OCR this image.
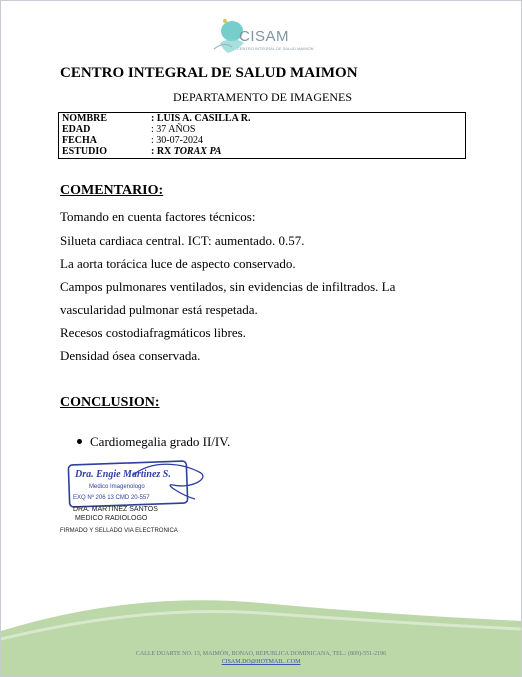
CISAM
CENTRO INTEGRAL DE SALUD MAIMON
CENTRO INTEGRAL DE SALUD MAIMON
DEPARTAMENTO DE IMAGENES
NOMBRE	: LUIS A. CASILLA R.
EDAD	: 37 AÑOS
FECHA	: 30-07-2024
ESTUDIO	: RX TORAX PA
COMENTARIO:
Tomando en cuenta factores técnicos:
Silueta cardiaca central. ICT: aumentado. 0.57.
La aorta torácica luce de aspecto conservado.
Campos pulmonares ventilados, sin evidencias de infiltrados. La
vascularidad pulmonar está respetada.
Recesos costodiafragmáticos libres.
Densidad ósea conservada.
CONCLUSION:
Cardiomegalia grado II/IV.
Dra. Engie Martinez S.
Medico Imagenologo
EXQ Nº 206 13 CMD 20-557
DRA. MARTINEZ SANTOS
MEDICO RADIOLOGO
FIRMADO Y SELLADO VIA ELECTRONICA
CALLE DUARTE NO. 13, MAIMÓN, BONAO, REPUBLICA DOMINICANA, TEL.: (809)-551-2196
CISAM.DO@HOTMAIL .COM
